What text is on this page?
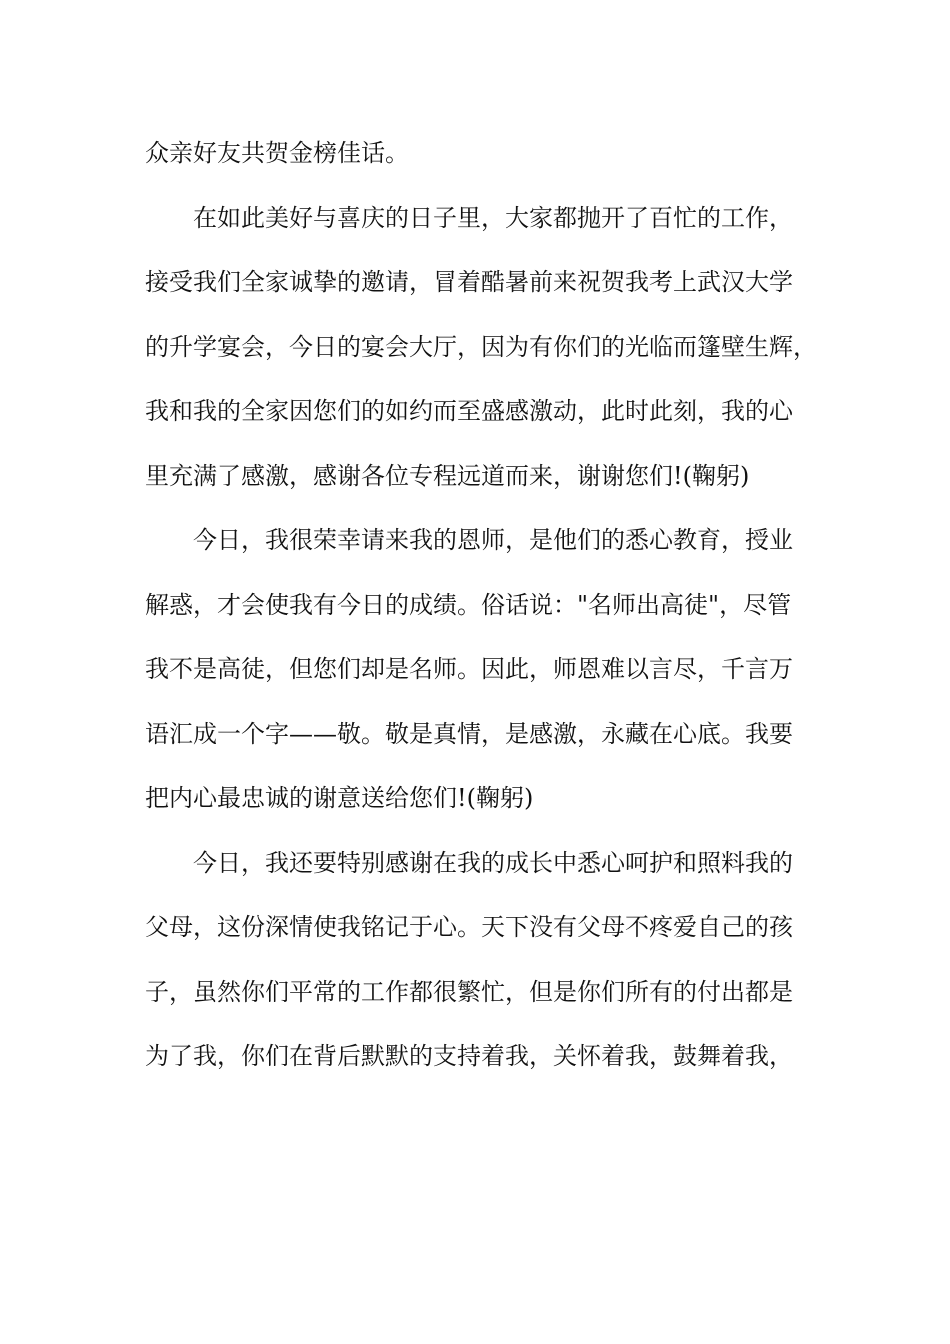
众亲好友共贺金榜佳话。
在如此美好与喜庆的日子里，大家都抛开了百忙的工作，
接受我们全家诚挚的邀请，冒着酷暑前来祝贺我考上武汉大学
的升学宴会，今日的宴会大厅，因为有你们的光临而篷壁生辉，
我和我的全家因您们的如约而至盛感激动，此时此刻，我的心
里充满了感激，感谢各位专程远道而来，谢谢您们!(鞠躬)
今日，我很荣幸请来我的恩师，是他们的悉心教育，授业
解惑，才会使我有今日的成绩。俗话说："名师出高徒"，尽管
我不是高徒，但您们却是名师。因此，师恩难以言尽，千言万
语汇成一个字——敬。敬是真情，是感激，永藏在心底。我要
把内心最忠诚的谢意送给您们!(鞠躬)
今日，我还要特别感谢在我的成长中悉心呵护和照料我的
父母，这份深情使我铭记于心。天下没有父母不疼爱自己的孩
子，虽然你们平常的工作都很繁忙，但是你们所有的付出都是
为了我，你们在背后默默的支持着我，关怀着我，鼓舞着我，
